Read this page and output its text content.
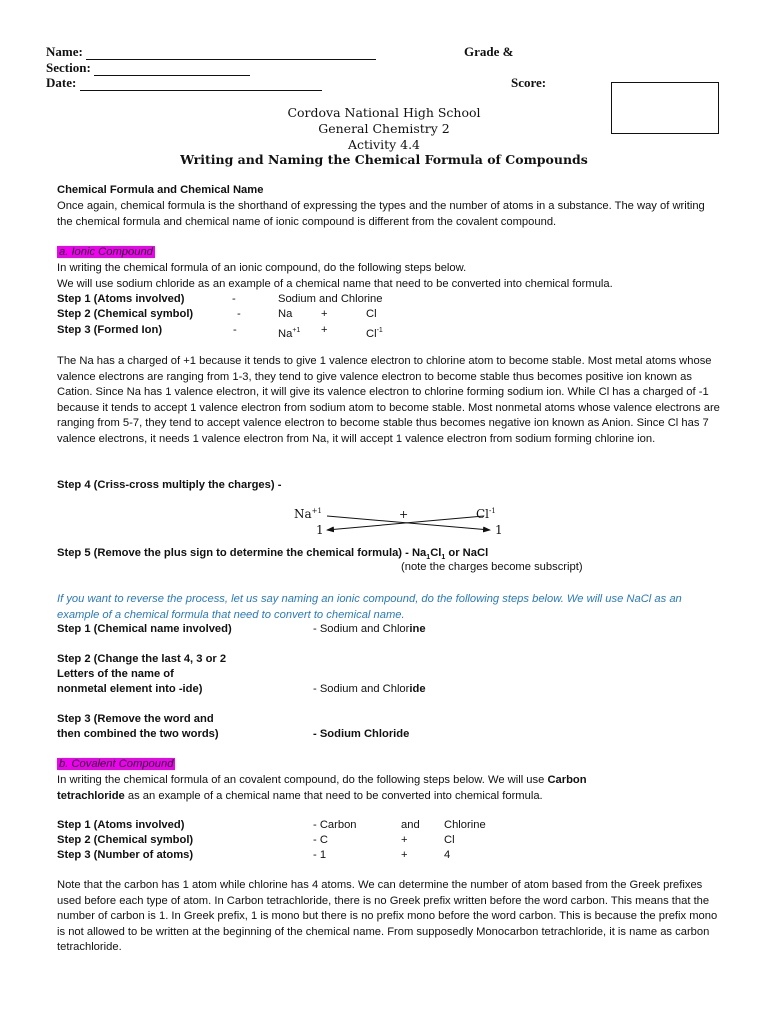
Name:	Grade &
Section:
Date:	Score:
Cordova National High School
General Chemistry 2
Activity 4.4
Writing and Naming the Chemical Formula of Compounds
Chemical Formula and Chemical Name
Once again, chemical formula is the shorthand of expressing the types and the number of atoms in a substance. The way of writing the chemical formula and chemical name of ionic compound is different from the covalent compound.
a. Ionic Compound
In writing the chemical formula of an ionic compound, do the following steps below.
We will use sodium chloride as an example of a chemical name that need to be converted into chemical formula.
Step 1 (Atoms involved)	-	Sodium and Chlorine
Step 2 (Chemical symbol)	-	Na	+	Cl
Step 3 (Formed Ion)	-	$Na^{+1}$ +	$Cl^{-1}$
The Na has a charged of +1 because it tends to give 1 valence electron to chlorine atom to become stable. Most metal atoms whose valence electrons are ranging from 1-3, they tend to give valence electron to become stable thus becomes positive ion known as Cation. Since Na has 1 valence electron, it will give its valence electron to chlorine forming sodium ion. While Cl has a charged of -1 because it tends to accept 1 valence electron from sodium atom to become stable. Most nonmetal atoms whose valence electrons are ranging from 5-7, they tend to accept valence electron to become stable thus becomes negative ion known as Anion. Since Cl has 7 valence electrons, it needs 1 valence electron from Na, it will accept 1 valence electron from sodium forming chlorine ion.
Step 4 (Criss-cross multiply the charges) -
$Na^{+1}$	+	$Cl^{-1}$
1	1
Step 5 (Remove the plus sign to determine the chemical formula) - $Na_1Cl_1$ or NaCl
(note the charges become subscript)
If you want to reverse the process, let us say naming an ionic compound, do the following steps below. We will use NaCl as an example of a chemical formula that need to convert to chemical name.
Step 1 (Chemical name involved)	- Sodium and Chlorine
Step 2 (Change the last 4, 3 or 2
Letters of the name of
nonmetal element into -ide)	- Sodium and Chloride
Step 3 (Remove the word and
then combined the two words)	- Sodium Chloride
b. Covalent Compound
In writing the chemical formula of an covalent compound, do the following steps below. We will use Carbon
tetrachloride as an example of a chemical name that need to be converted into chemical formula.
Step 1 (Atoms involved)	- Carbon	and Chlorine
Step 2 (Chemical symbol)	- C	+	Cl
Step 3 (Number of atoms)	- 1	+	4
Note that the carbon has 1 atom while chlorine has 4 atoms. We can determine the number of atom based from the Greek prefixes used before each type of atom. In Carbon tetrachloride, there is no Greek prefix written before the word carbon. This means that the number of carbon is 1. In Greek prefix, 1 is mono but there is no prefix mono before the word carbon. This is because the prefix mono is not allowed to be written at the beginning of the chemical name. From supposedly Monocarbon tetrachloride, it is name as carbon tetrachloride.
